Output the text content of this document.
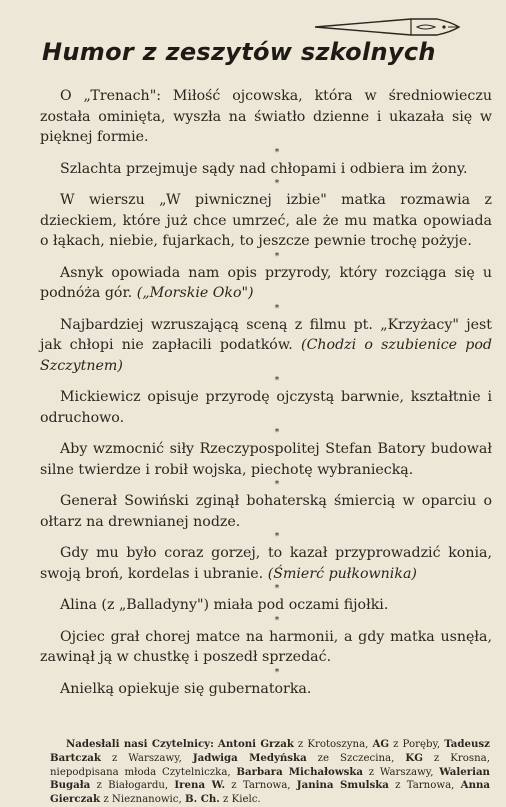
Humor z zeszytów szkolnych

O „Trenach": Miłość ojcowska, która w średniowieczu została ominięta, wyszła na światło dzienne i ukazała się w pięknej formie.

*

Szlachta przejmuje sądy nad chłopami i odbiera im żony.

*

W wierszu „W piwnicznej izbie" matka rozmawia z dzieckiem, które już chce umrzeć, ale że mu matka opowiada o łąkach, niebie, fujarkach, to jeszcze pewnie trochę pożyje.

*

Asnyk opowiada nam opis przyrody, który rozciąga się u podnóża gór. („Morskie Oko")

*

Najbardziej wzruszającą sceną z filmu pt. „Krzyżacy" jest jak chłopi nie zapłacili podatków. (Chodzi o szubienice pod Szczytnem)

*

Mickiewicz opisuje przyrodę ojczystą barwnie, kształtnie i odruchowo.

*

Aby wzmocnić siły Rzeczypospolitej Stefan Batory budował silne twierdze i robił wojska, piechotę wybraniecką.

*

Generał Sowiński zginął bohaterską śmiercią w oparciu o ołtarz na drewnianej nodze.

*

Gdy mu było coraz gorzej, to kazał przyprowadzić konia, swoją broń, kordelas i ubranie. (Śmierć pułkownika)

*

Alina (z „Balladyny") miała pod oczami fijołki.

*

Ojciec grał chorej matce na harmonii, a gdy matka usnęła, zawinął ją w chustkę i poszedł sprzedać.

*

Anielką opiekuje się gubernatorka.

Nadesłali nasi Czytelnicy: Antoni Grzak z Krotoszyna, AG z Poręby, Tadeusz Bartczak z Warszawy, Jadwiga Medyńska ze Szczecina, KG z Krosna, niepodpisana młoda Czytelniczka, Barbara Michałowska z Warszawy, Walerian Bugała z Białogardu, Irena W. z Tarnowa, Janina Smulska z Tarnowa, Anna Gierczak z Nieznanowic, B. Ch. z Kielc.
